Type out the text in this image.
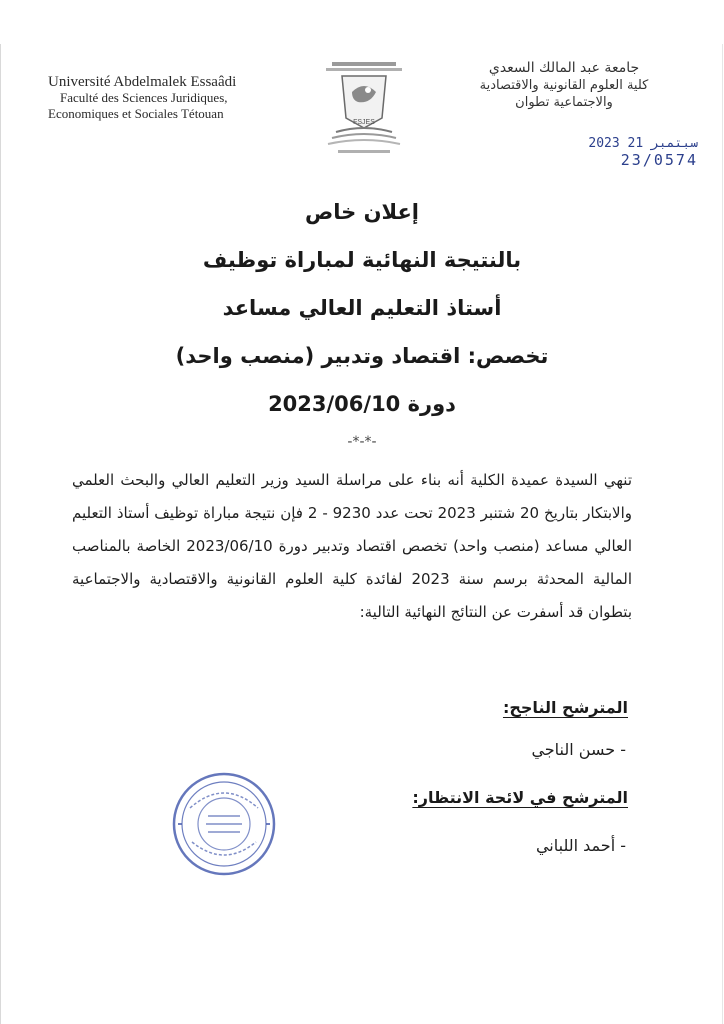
Université Abdelmalek Essaâdi
Faculté des Sciences Juridiques,
Economiques et Sociales Tétouan
FSJES
جامعة عبد المالك السعدي
كلية العلوم القانونية والاقتصادية
والاجتماعية تطوان
2023 سبتمبر 21
23/0574
إعلان خاص
بالنتيجة النهائية لمباراة توظيف
أستاذ التعليم العالي مساعد
تخصص: اقتصاد وتدبير (منصب واحد)
دورة 2023/06/10
-*-*-
تنهي السيدة عميدة الكلية أنه بناء على مراسلة السيد وزير التعليم العالي والبحث العلمي والابتكار بتاريخ 20 شتنبر 2023 تحت عدد 9230 - 2 فإن نتيجة مباراة توظيف أستاذ التعليم العالي مساعد (منصب واحد) تخصص اقتصاد وتدبير دورة 2023/06/10 الخاصة بالمناصب المالية المحدثة برسم سنة 2023 لفائدة كلية العلوم القانونية والاقتصادية والاجتماعية بتطوان قد أسفرت عن النتائج النهائية التالية:
المترشح الناجح:
- حسن الناجي
المترشح في لائحة الانتظار:
- أحمد اللباني
